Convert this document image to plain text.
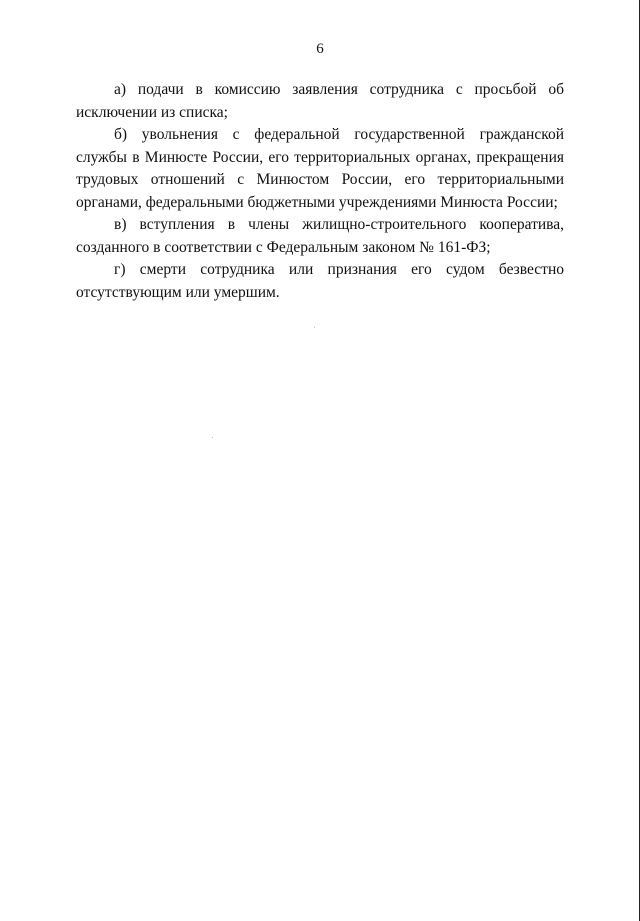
6

а) подачи в комиссию заявления сотрудника с просьбой об исключении из списка;

б) увольнения с федеральной государственной гражданской службы в Минюсте России, его территориальных органах, прекращения трудовых отношений с Минюстом России, его территориальными органами, федеральными бюджетными учреждениями Минюста России;

в) вступления в члены жилищно-строительного кооператива, созданного в соответствии с Федеральным законом № 161-ФЗ;

г) смерти сотрудника или признания его судом безвестно отсутствующим или умершим.
